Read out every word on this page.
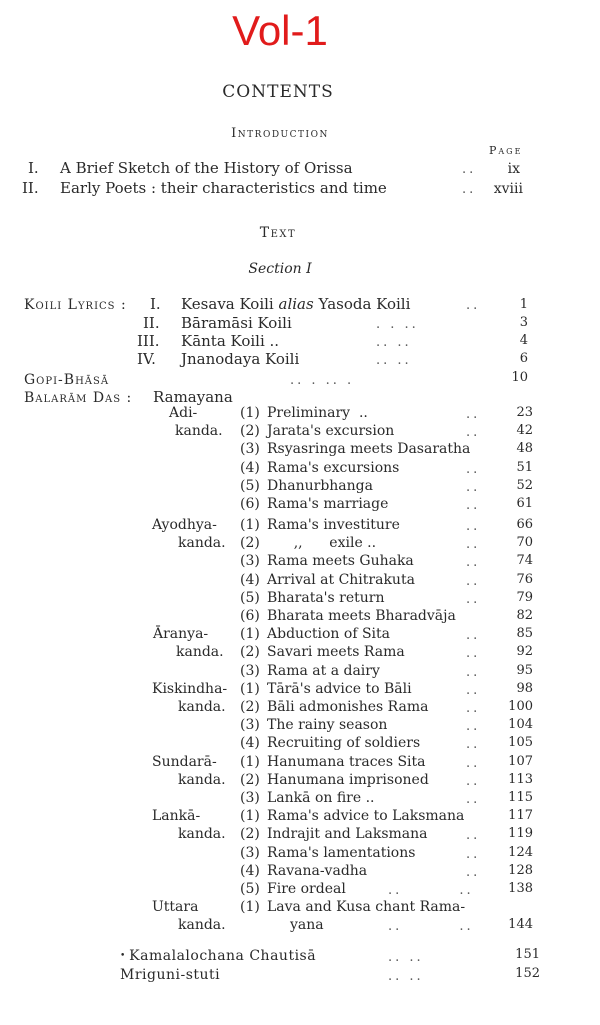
Vol-1
CONTENTS
Introduction
Page
I. A Brief Sketch of the History of Orissa	..	ix
II. Early Poets : their characteristics and time	..	xviii
Text
Section I
Koili Lyrics : I. Kesava Koili alias Yasoda Koili	..	1
II. Bāramāsi Koili	. . ..	3
III. Kānta Koili ..	.. ..	4
IV. Jnanodaya Koili	.. ..	6
Gopi-Bhāsā	.. . .. .	10
Balarām Das : Ramayana
Adi-
kanda.
(1) Preliminary  ..	..	23
(2) Jarata's excursion	..	42
(3) Rsyasringa meets Dasaratha	48
(4) Rama's excursions	..	51
(5) Dhanurbhanga	..	52
(6) Rama's marriage	..	61
Ayodhya-
kanda.
(1) Rama's investiture	..	66
(2) ,,      exile ..	..	70
(3) Rama meets Guhaka	..	74
(4) Arrival at Chitrakuta	..	76
(5) Bharata's return	..	79
(6) Bharata meets Bharadvāja	82
Āranya-
kanda.
(1) Abduction of Sita	..	85
(2) Savari meets Rama	..	92
(3) Rama at a dairy	..	95
Kiskindha-
kanda.
(1) Tārā's advice to Bāli	..	98
(2) Bāli admonishes Rama	..	100
(3) The rainy season	..	104
(4) Recruiting of soldiers	..	105
Sundarā-
kanda.
(1) Hanumana traces Sita	..	107
(2) Hanumana imprisoned	..	113
(3) Lankā on fire ..	..	115
Lankā-
kanda.
(1) Rama's advice to Laksmana	117
(2) Indrajit and Laksmana	..	119
(3) Rama's lamentations	..	124
(4) Ravana-vadha	..	128
(5) Fire ordeal	..        ..	138
Uttara
kanda.
(1) Lava and Kusa chant Rama-
yana	..        ..	144
• Kamalalochana Chautisā	.. ..	151
Mriguni-stuti	.. ..	152
